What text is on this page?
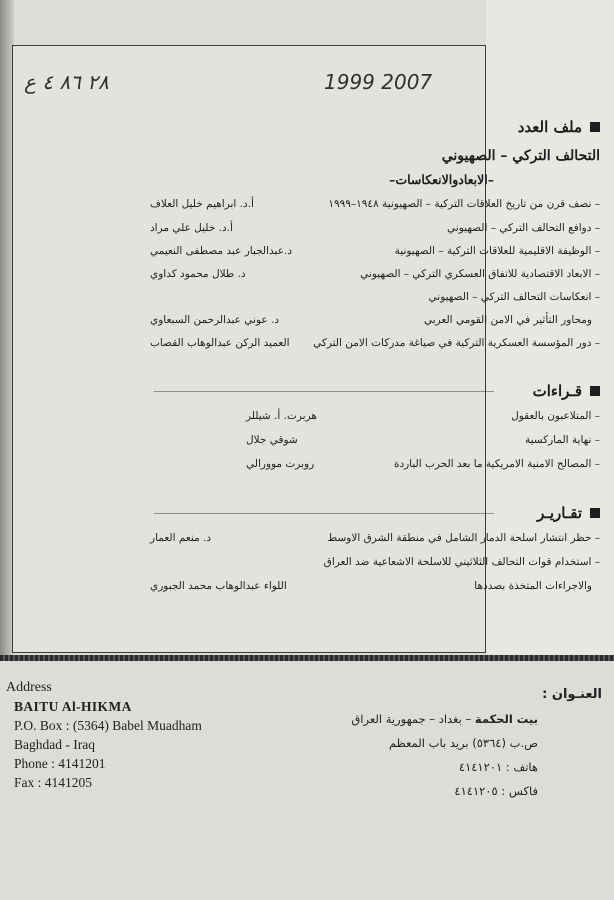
٢٨ ٨٦ ٤ ع	1999 2007
ملف العدد
التحالف التركي – الصهيوني
–الابعادوالانعكاسات–
– نصف قرن من تاريخ العلاقات التركية – الصهيونية ١٩٤٨–١٩٩٩
أ.د. ابراهيم خليل العلاف
– دوافع التحالف التركي – الصهيوني
أ.د. خليل علي مراد
– الوظيفة الاقليمية للعلاقات التركية – الصهيونية
د.عبدالجبار عبد مصطفى النعيمي
– الابعاد الاقتصادية للاتفاق العسكري التركي – الصهيوني
د. طلال محمود كداوي
– انعكاسات التحالف التركي – الصهيوني
ومحاور التأثير في الامن القومي العربي
د. عوني عبدالرحمن السبعاوي
– دور المؤسسة العسكرية التركية في صياغة مدركات الامن التركي
العميد الركن عبدالوهاب القصاب
قـراءات
– المتلاعبون بالعقول
هربرت. أ. شيللر
– نهاية الماركسية
شوقي جلال
– المصالح الامنية الامريكية ما بعد الحرب الباردة
روبرت موورالي
تقـاريـر
– حظر انتشار اسلحة الدمار الشامل في منطقة الشرق الاوسط
د. منعم العمار
– استخدام قوات التحالف الثلاثيني للاسلحة الاشعاعية ضد العراق
والاجراءات المتخذة بصددها
اللواء عبدالوهاب محمد الجبوري
Address
BAITU Al-HIKMA
P.O. Box : (5364) Babel Muadham
Baghdad - Iraq
Phone : 4141201
Fax : 4141205
العنـوان :
بيت الحكمة – بغداد – جمهورية العراق
ص.ب (٥٣٦٤) بريد باب المعظم
هاتف : ٤١٤١٢٠١
فاكس : ٤١٤١٢٠٥
